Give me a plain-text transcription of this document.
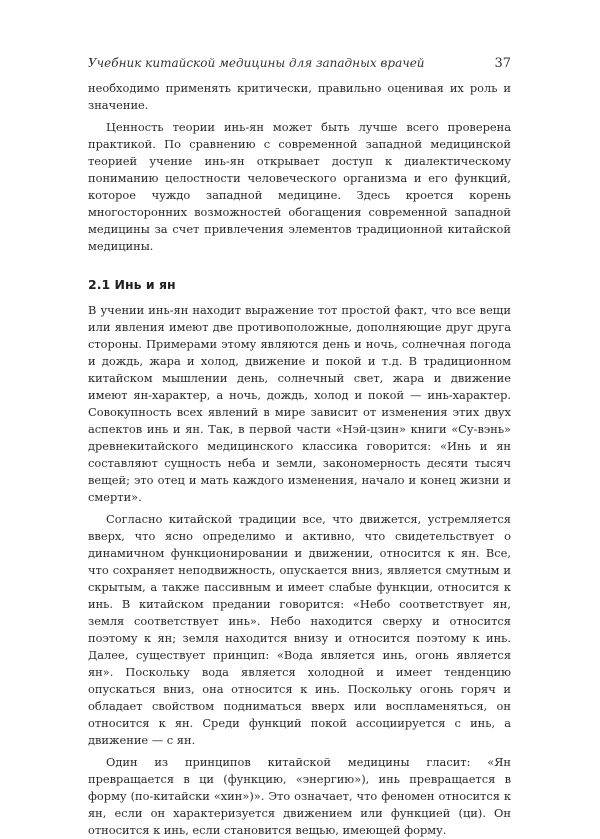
Учебник китайской медицины для западных врачей	37

необходимо применять критически, правильно оценивая их роль и значение.

Ценность теории инь-ян может быть лучше всего проверена практикой. По сравнению с современной западной медицинской теорией учение инь-ян открывает доступ к диалектическому пониманию целостности человеческого организма и его функций, которое чуждо западной медицине. Здесь кроется корень многосторонних возможностей обогащения современной западной медицины за счет привлечения элементов традиционной китайской медицины.

2.1 Инь и ян

В учении инь-ян находит выражение тот простой факт, что все вещи или явления имеют две противоположные, дополняющие друг друга стороны. Примерами этому являются день и ночь, солнечная погода и дождь, жара и холод, движение и покой и т.д. В традиционном китайском мышлении день, солнечный свет, жара и движение имеют ян-характер, а ночь, дождь, холод и покой — инь-характер. Совокупность всех явлений в мире зависит от изменения этих двух аспектов инь и ян. Так, в первой части «Нэй-цзин» книги «Су-вэнь» древнекитайского медицинского классика говорится: «Инь и ян составляют сущность неба и земли, закономерность десяти тысяч вещей; это отец и мать каждого изменения, начало и конец жизни и смерти».

Согласно китайской традиции все, что движется, устремляется вверх, что ясно определимо и активно, что свидетельствует о динамичном функционировании и движении, относится к ян. Все, что сохраняет неподвижность, опускается вниз, является смутным и скрытым, а также пассивным и имеет слабые функции, относится к инь. В китайском предании говорится: «Небо соответствует ян, земля соответствует инь». Небо находится сверху и относится поэтому к ян; земля находится внизу и относится поэтому к инь. Далее, существует принцип: «Вода является инь, огонь является ян». Поскольку вода является холодной и имеет тенденцию опускаться вниз, она относится к инь. Поскольку огонь горяч и обладает свойством подниматься вверх или воспламеняться, он относится к ян. Среди функций покой ассоциируется с инь, а движение — с ян.

Один из принципов китайской медицины гласит: «Ян превращается в ци (функцию, «энергию»), инь превращается в форму (по-китайски «хин»)». Это означает, что феномен относится к ян, если он характеризуется движением или функцией (ци). Он относится к инь, если становится вещью, имеющей форму.
